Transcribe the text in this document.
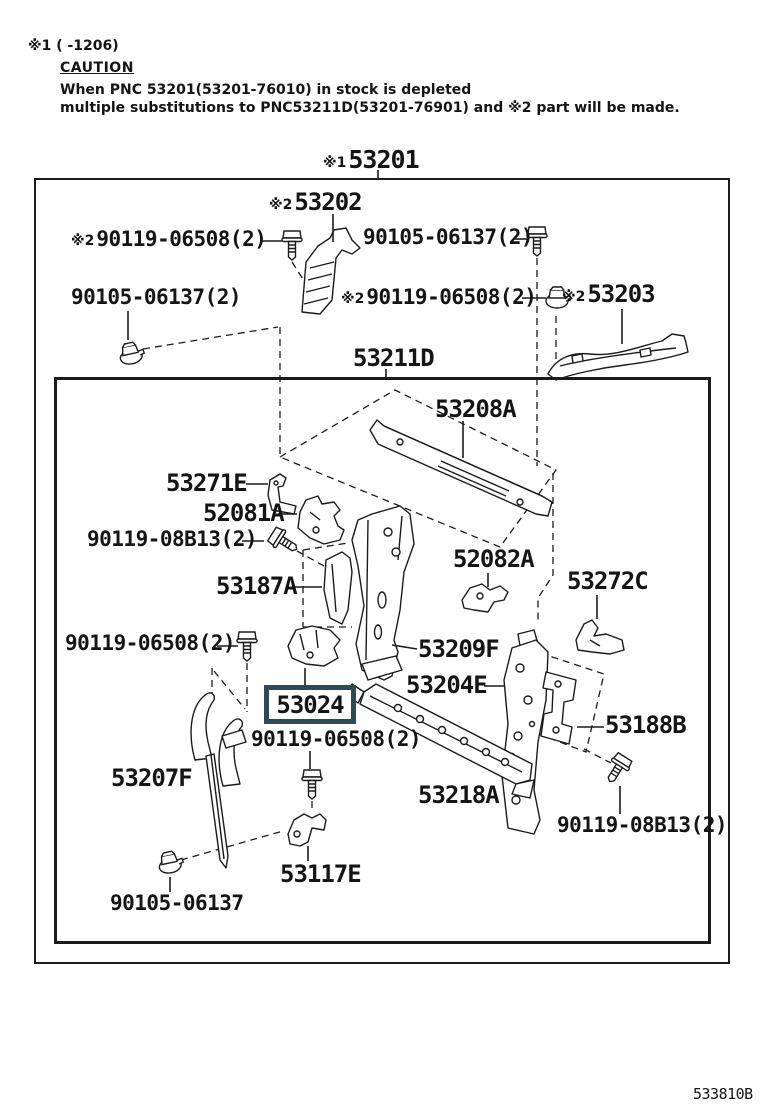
※1 ( -1206)
CAUTION
When PNC 53201(53201-76010) in stock is depleted
multiple substitutions to PNC53211D(53201-76901) and ※2 part will be made.
※1 53201
※2 53202
※2 53203
53211D
53208A
53271E
52081A
53187A
52082A
53272C
53209F
53204E
53188B
53218A
53207F
53117E
53024
※2 90119-06508(2)	90105-06137(2)
90105-06137(2)	※2 90119-06508(2)
90119-08B13(2)
90119-06508(2)
90119-06508(2)
90119-08B13(2)
90105-06137
533810B
